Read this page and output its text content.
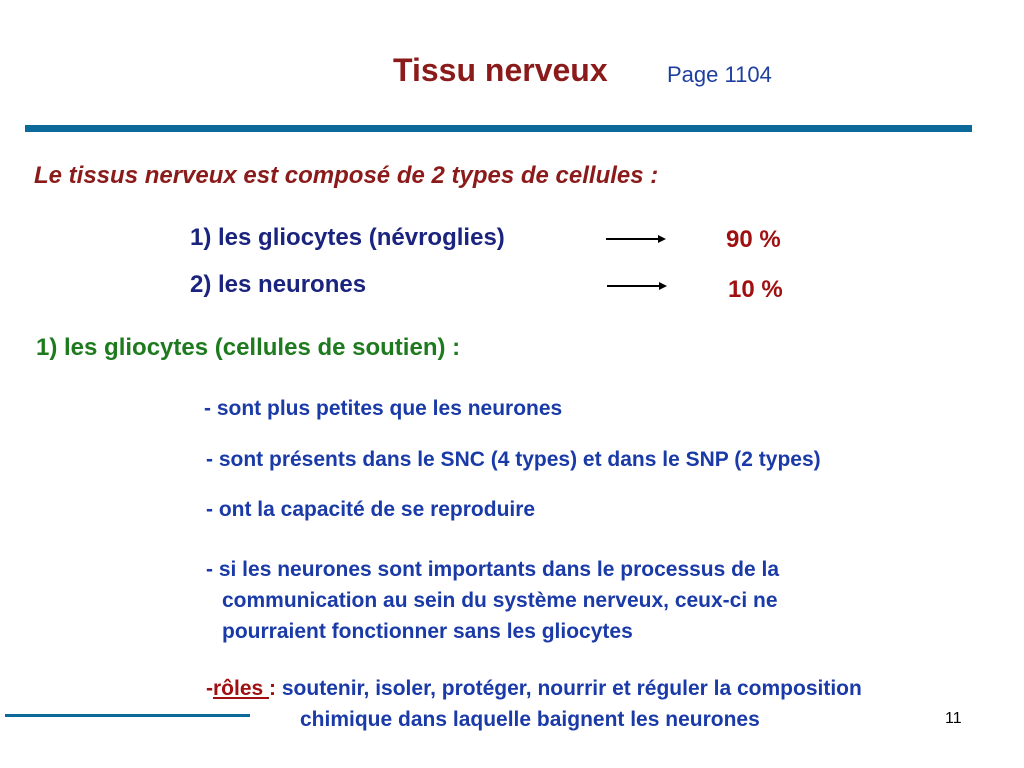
Tissu nerveux	Page 1104
Le tissus nerveux est composé de 2 types de cellules :
1) les gliocytes (névroglies)	90 %
2) les neurones	10 %
1) les gliocytes (cellules de soutien) :
- sont plus petites que les neurones
- sont présents dans le SNC (4 types) et dans le SNP (2 types)
- ont la capacité de se reproduire
- si les neurones sont importants dans le processus de la
communication au sein du système nerveux, ceux-ci ne
pourraient fonctionner sans les gliocytes
-rôles : soutenir, isoler, protéger, nourrir et réguler la composition
chimique dans laquelle baignent les neurones	11
